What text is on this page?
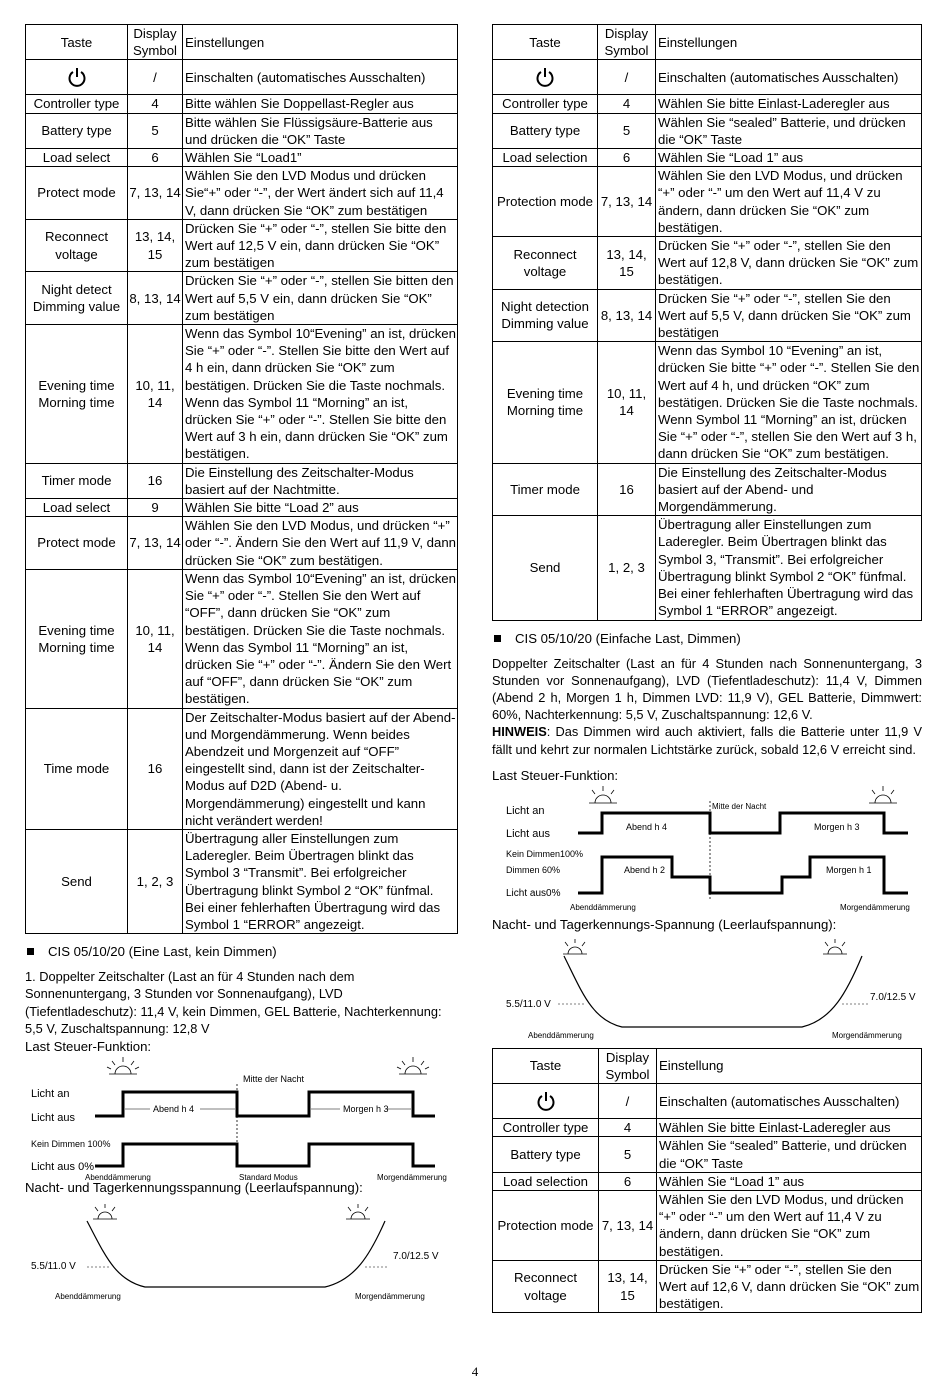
Taste	Display Symbol	Einstellungen
	/	Einschalten (automatisches Ausschalten)
Controller type	4	Bitte wählen Sie Doppellast-Regler aus
Battery type	5	Bitte wählen Sie Flüssigsäure-Batterie aus und drücken die “OK” Taste
Load select	6	Wählen Sie “Load1”
Protect mode	7, 13, 14	Wählen Sie den LVD Modus und drücken Sie“+” oder “-”, der Wert ändert sich auf 11,4 V, dann drücken Sie “OK” zum bestätigen
Reconnect voltage	13, 14, 15	Drücken Sie “+” oder “-”, stellen Sie bitte den Wert auf 12,5 V ein, dann drücken Sie “OK” zum bestätigen
Night detect Dimming value	8, 13, 14	Drücken Sie “+” oder “-”, stellen Sie bitten den Wert auf 5,5 V ein, dann drücken Sie “OK” zum bestätigen
Evening time Morning time	10, 11, 14	Wenn das Symbol 10“Evening” an ist, drücken Sie “+” oder “-”. Stellen Sie bitte den Wert auf 4 h ein, dann drücken Sie “OK” zum bestätigen. Drücken Sie die Taste nochmals. Wenn das Symbol 11 “Morning” an ist, drücken Sie “+” oder “-”. Stellen Sie bitte den Wert auf 3 h ein, dann drücken Sie “OK” zum bestätigen.
Timer mode	16	Die Einstellung des Zeitschalter-Modus basiert auf der Nachtmitte.
Load select	9	Wählen Sie bitte “Load 2” aus
Protect mode	7, 13, 14	Wählen Sie den LVD Modus, und drücken “+” oder “-”. Ändern Sie den Wert auf 11,9 V, dann drücken Sie “OK” zum bestätigen.
Evening time Morning time	10, 11, 14	Wenn das Symbol 10“Evening” an ist, drücken Sie “+” oder “-”. Stellen Sie den Wert auf “OFF”, dann drücken Sie “OK” zum bestätigen. Drücken Sie die Taste nochmals. Wenn das Symbol 11 “Morning” an ist, drücken Sie “+” oder “-”. Ändern Sie den Wert auf “OFF”, dann drücken Sie “OK” zum bestätigen.
Time mode	16	Der Zeitschalter-Modus basiert auf der Abend- und Morgendämmerung. Wenn beides Abendzeit und Morgenzeit auf “OFF” eingestellt sind, dann ist der Zeitschalter-Modus auf D2D (Abend- u. Morgendämmerung) eingestellt und kann nicht verändert werden!
Send	1, 2, 3	Übertragung aller Einstellungen zum Laderegler. Beim Übertragen blinkt das Symbol 3 “Transmit”. Bei erfolgreicher Übertragung blinkt Symbol 2 “OK” fünfmal. Bei einer fehlerhaften Übertragung wird das Symbol 1 “ERROR” angezeigt.
CIS 05/10/20 (Eine Last, kein Dimmen)
1. Doppelter Zeitschalter (Last an für 4 Stunden nach dem Sonnenuntergang, 3 Stunden vor Sonnenaufgang), LVD (Tiefentladeschutz): 11,4 V, kein Dimmen, GEL Batterie, Nachterkennung: 5,5 V, Zuschaltspannung: 12,8 V
Last Steuer-Funktion:
Mitte der Nacht
Licht an
Licht aus
Abend h 4	Morgen h 3
Kein Dimmen 100%
Licht aus 0%
Abenddämmerung	Standard Modus	Morgendämmerung
Nacht- und Tagerkennungsspannung (Leerlaufspannung):
5.5/11.0 V
7.0/12.5 V
Abenddämmerung	Morgendämmerung
Taste	Display Symbol	Einstellungen
	/	Einschalten (automatisches Ausschalten)
Controller type	4	Wählen Sie bitte Einlast-Laderegler aus
Battery type	5	Wählen Sie “sealed” Batterie, und drücken die “OK” Taste
Load selection	6	Wählen Sie “Load 1” aus
Protection mode	7, 13, 14	Wählen Sie den LVD Modus, und drücken “+” oder “-” um den Wert auf 11,4 V zu ändern, dann drücken Sie “OK” zum bestätigen.
Reconnect voltage	13, 14, 15	Drücken Sie “+” oder “-”, stellen Sie den Wert auf 12,8 V, dann drücken Sie “OK” zum bestätigen.
Night detection Dimming value	8, 13, 14	Drücken Sie “+” oder “-”, stellen Sie den Wert auf 5,5 V, dann drücken Sie “OK” zum bestätigen
Evening time Morning time	10, 11, 14	Wenn das Symbol 10 “Evening” an ist, drücken Sie bitte “+” oder “-”. Stellen Sie den Wert auf 4 h, und drücken “OK” zum bestätigen. Drücken Sie die Taste nochmals. Wenn Symbol 11 “Morning” an ist, drücken Sie “+” oder “-”, stellen Sie den Wert auf 3 h, dann drücken Sie “OK” zum bestätigen.
Timer mode	16	Die Einstellung des Zeitschalter-Modus basiert auf der Abend- und Morgendämmerung.
Send	1, 2, 3	Übertragung aller Einstellungen zum Laderegler. Beim Übertragen blinkt das Symbol 3, “Transmit”. Bei erfolgreicher Übertragung blinkt Symbol 2 “OK” fünfmal. Bei einer fehlerhaften Übertragung wird das Symbol 1 “ERROR” angezeigt.
CIS 05/10/20 (Einfache Last, Dimmen)
Doppelter Zeitschalter (Last an für 4 Stunden nach Sonnenuntergang, 3 Stunden vor Sonnenaufgang), LVD (Tiefentladeschutz): 11,4 V, Dimmen (Abend 2 h, Morgen 1 h, Dimmen LVD: 11,9 V), GEL Batterie, Dimmwert: 60%, Nachterkennung: 5,5 V, Zuschaltspannung: 12,6 V.
HINWEIS: Das Dimmen wird auch aktiviert, falls die Batterie unter 11,9 V fällt und kehrt zur normalen Lichtstärke zurück, sobald 12,6 V erreicht sind.
Last Steuer-Funktion:
Mitte der Nacht
Licht an
Licht aus
Abend h 4	Morgen h 3
Kein Dimmen100%
Dimmen 60%
Licht aus0%
Abend h 2	Morgen h 1
Abenddämmerung	Morgendämmerung
Nacht- und Tagerkennungs-Spannung (Leerlaufspannung):
5.5/11.0 V
7.0/12.5 V
Abenddämmerung	Morgendämmerung
Taste	Display Symbol	Einstellung
	/	Einschalten (automatisches Ausschalten)
Controller type	4	Wählen Sie bitte Einlast-Laderegler aus
Battery type	5	Wählen Sie “sealed” Batterie, und drücken die “OK” Taste
Load selection	6	Wählen Sie “Load 1” aus
Protection mode	7, 13, 14	Wählen Sie den LVD Modus, und drücken “+” oder “-” um den Wert auf 11,4 V zu ändern, dann drücken Sie “OK” zum bestätigen.
Reconnect voltage	13, 14, 15	Drücken Sie “+” oder “-”, stellen Sie den Wert auf 12,6 V, dann drücken Sie “OK” zum bestätigen.
4
